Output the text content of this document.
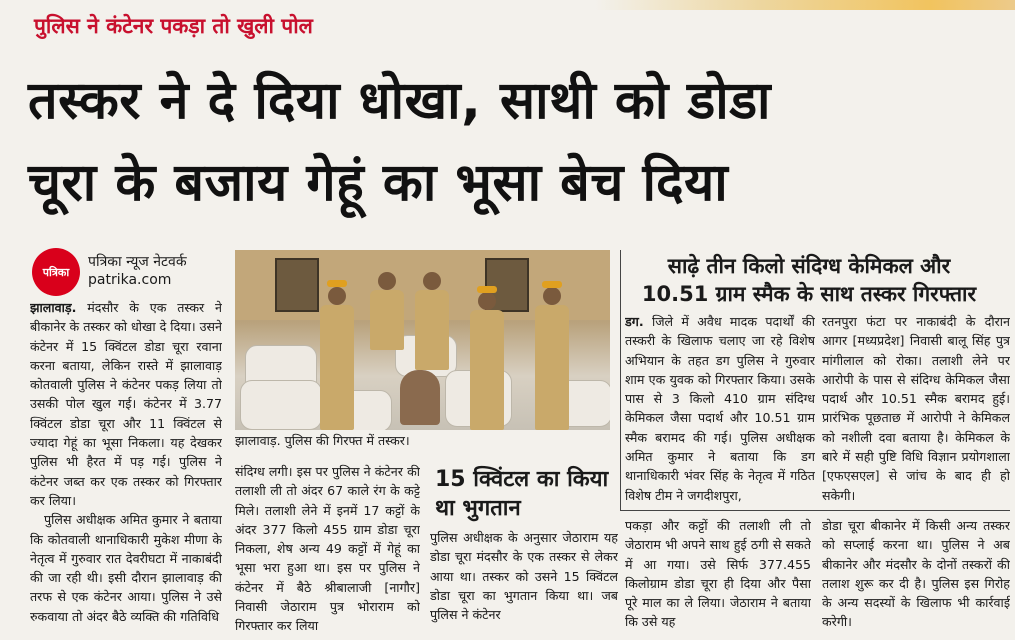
पुलिस ने कंटेनर पकड़ा तो खुली पोल
तस्कर ने दे दिया धोखा, साथी को डोडा
चूरा के बजाय गेहूं का भूसा बेच दिया
पत्रिका
पत्रिका न्यूज नेटवर्क
patrika.com

झालावाड़. मंदसौर के एक तस्कर ने बीकानेर के तस्कर को धोखा दे दिया। उसने कंटेनर में 15 क्विंटल डोडा चूरा रवाना करना बताया, लेकिन रास्ते में झालावाड़ कोतवाली पुलिस ने कंटेनर पकड़ लिया तो उसकी पोल खुल गई। कंटेनर में 3.77 क्विंटल डोडा चूरा और 11 क्विंटल से ज्यादा गेहूं का भूसा निकला। यह देखकर पुलिस भी हैरत में पड़ गई। पुलिस ने कंटेनर जब्त कर एक तस्कर को गिरफ्तार कर लिया।

पुलिस अधीक्षक अमित कुमार ने बताया कि कोतवाली थानाधिकारी मुकेश मीणा के नेतृत्व में गुरुवार रात देवरीघटा में नाकाबंदी की जा रही थी। इसी दौरान झालावाड़ की तरफ से एक कंटेनर आया। पुलिस ने उसे रुकवाया तो अंदर बैठे व्यक्ति की गतिविधि

झालावाड़. पुलिस की गिरफ्त में तस्कर।
संदिग्ध लगी। इस पर पुलिस ने कंटेनर की तलाशी ली तो अंदर 67 काले रंग के कट्टे मिले। तलाशी लेने में इनमें 17 कट्टों के अंदर 377 किलो 455 ग्राम डोडा चूरा निकला, शेष अन्य 49 कट्टों में गेहूं का भूसा भरा हुआ था। इस पर पुलिस ने कंटेनर में बैठे श्रीबालाजी [नागौर] निवासी जेठाराम पुत्र भोराराम को गिरफ्तार कर लिया
15 क्विंटल का किया था भुगतान
पुलिस अधीक्षक के अनुसार जेठाराम यह डोडा चूरा मंदसौर के एक तस्कर से लेकर आया था। तस्कर को उसने 15 क्विंटल डोडा चूरा का भुगतान किया था। जब पुलिस ने कंटेनर
साढ़े तीन किलो संदिग्ध केमिकल और 10.51 ग्राम स्मैक के साथ तस्कर गिरफ्तार

डग. जिले में अवैध मादक पदार्थों की तस्करी के खिलाफ चलाए जा रहे विशेष अभियान के तहत डग पुलिस ने गुरुवार शाम एक युवक को गिरफ्तार किया। उसके पास से 3 किलो 410 ग्राम संदिग्ध केमिकल जैसा पदार्थ और 10.51 ग्राम स्मैक बरामद की गई। पुलिस अधीक्षक अमित कुमार ने बताया कि डग थानाधिकारी भंवर सिंह के नेतृत्व में गठित विशेष टीम ने जगदीशपुरा,

रतनपुरा फंटा पर नाकाबंदी के दौरान आगर [मध्यप्रदेश] निवासी बालू सिंह पुत्र मांगीलाल को रोका। तलाशी लेने पर आरोपी के पास से संदिग्ध केमिकल जैसा पदार्थ और 10.51 स्मैक बरामद हुई। प्रारंभिक पूछताछ में आरोपी ने केमिकल को नशीली दवा बताया है। केमिकल के बारे में सही पुष्टि विधि विज्ञान प्रयोगशाला [एफएसएल] से जांच के बाद ही हो सकेगी।
पकड़ा और कट्टों की तलाशी ली तो जेठाराम भी अपने साथ हुई ठगी से सकते में आ गया। उसे सिर्फ 377.455 किलोग्राम डोडा चूरा ही दिया और पैसा पूरे माल का ले लिया। जेठाराम ने बताया कि उसे यह
डोडा चूरा बीकानेर में किसी अन्य तस्कर को सप्लाई करना था। पुलिस ने अब बीकानेर और मंदसौर के दोनों तस्करों की तलाश शुरू कर दी है। पुलिस इस गिरोह के अन्य सदस्यों के खिलाफ भी कार्रवाई करेगी।
